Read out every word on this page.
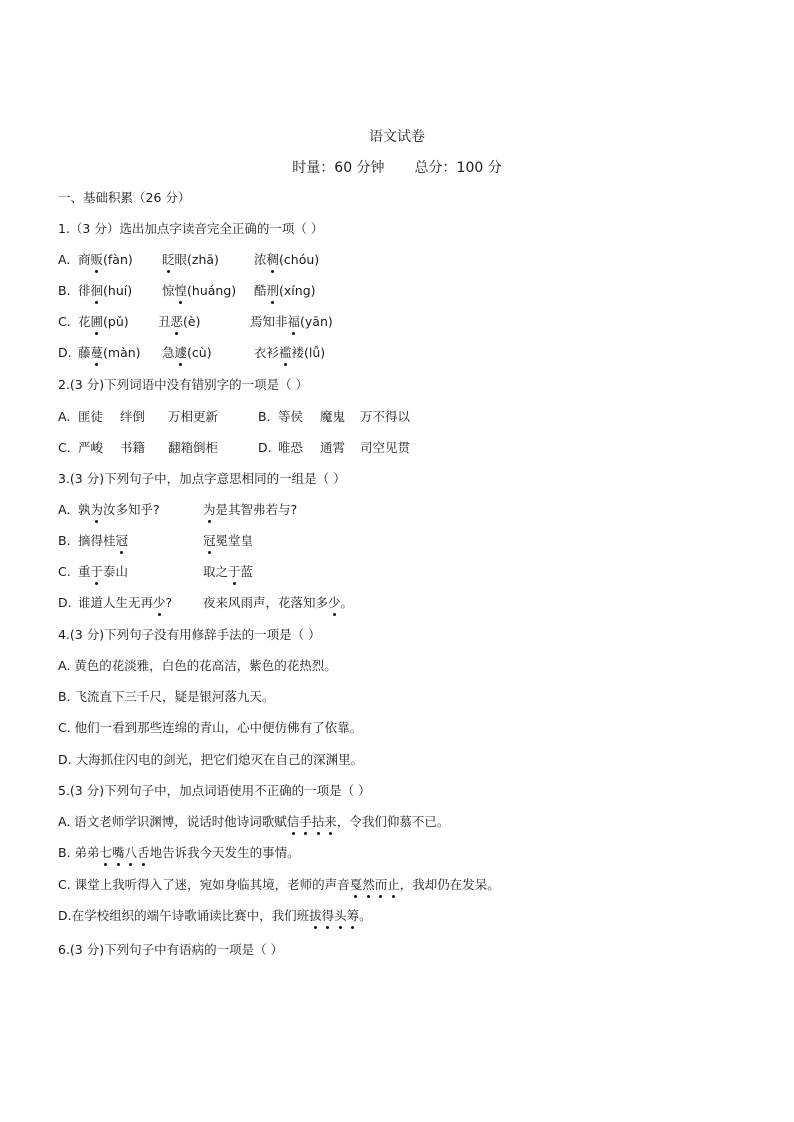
语文试卷
时量：60 分钟 总分：100 分
一、基础积累（26 分）
1.（3 分）选出加点字读音完全正确的一项（ ）
A. 商贩(fàn) 眨眼(zhā)	浓稠(chóu)
B. 徘徊(huí) 惊惶(huáng) 酷刑(xíng)
C. 花圃(pǔ) 丑恶(è)	焉知非福(yān)
D. 藤蔓(màn) 急遽(cù)	衣衫褴褛(lǚ)
2.(3 分)下列词语中没有错别字的一项是（ ）
A. 匪徒 绊倒 万相更新	B. 等侯 魔鬼 万不得以
C. 严峻 书籍 翻箱倒柜	D. 唯恐 通霄 司空见贯
3.(3 分)下列句子中，加点字意思相同的一组是（ ）
A. 孰为汝多知乎?	为是其智弗若与?
B. 摘得桂冠	冠冕堂皇
C. 重于泰山	取之于蓝
D. 谁道人生无再少? 夜来风雨声，花落知多少。
4.(3 分)下列句子没有用修辞手法的一项是（ ）
A. 黄色的花淡雅，白色的花高洁，紫色的花热烈。
B. 飞流直下三千尺，疑是银河落九天。
C. 他们一看到那些连绵的青山，心中便仿佛有了依靠。
D. 大海抓住闪电的剑光，把它们熄灭在自己的深渊里。
5.(3 分)下列句子中，加点词语使用不正确的一项是（ ）
A. 语文老师学识渊博，说话时他诗词歌赋信手拈来，令我们仰慕不已。
B. 弟弟七嘴八舌地告诉我今天发生的事情。
C. 课堂上我听得入了迷，宛如身临其境，老师的声音戛然而止，我却仍在发呆。
D.在学校组织的端午诗歌诵读比赛中，我们班拔得头筹。
6.(3 分)下列句子中有语病的一项是（ ）
